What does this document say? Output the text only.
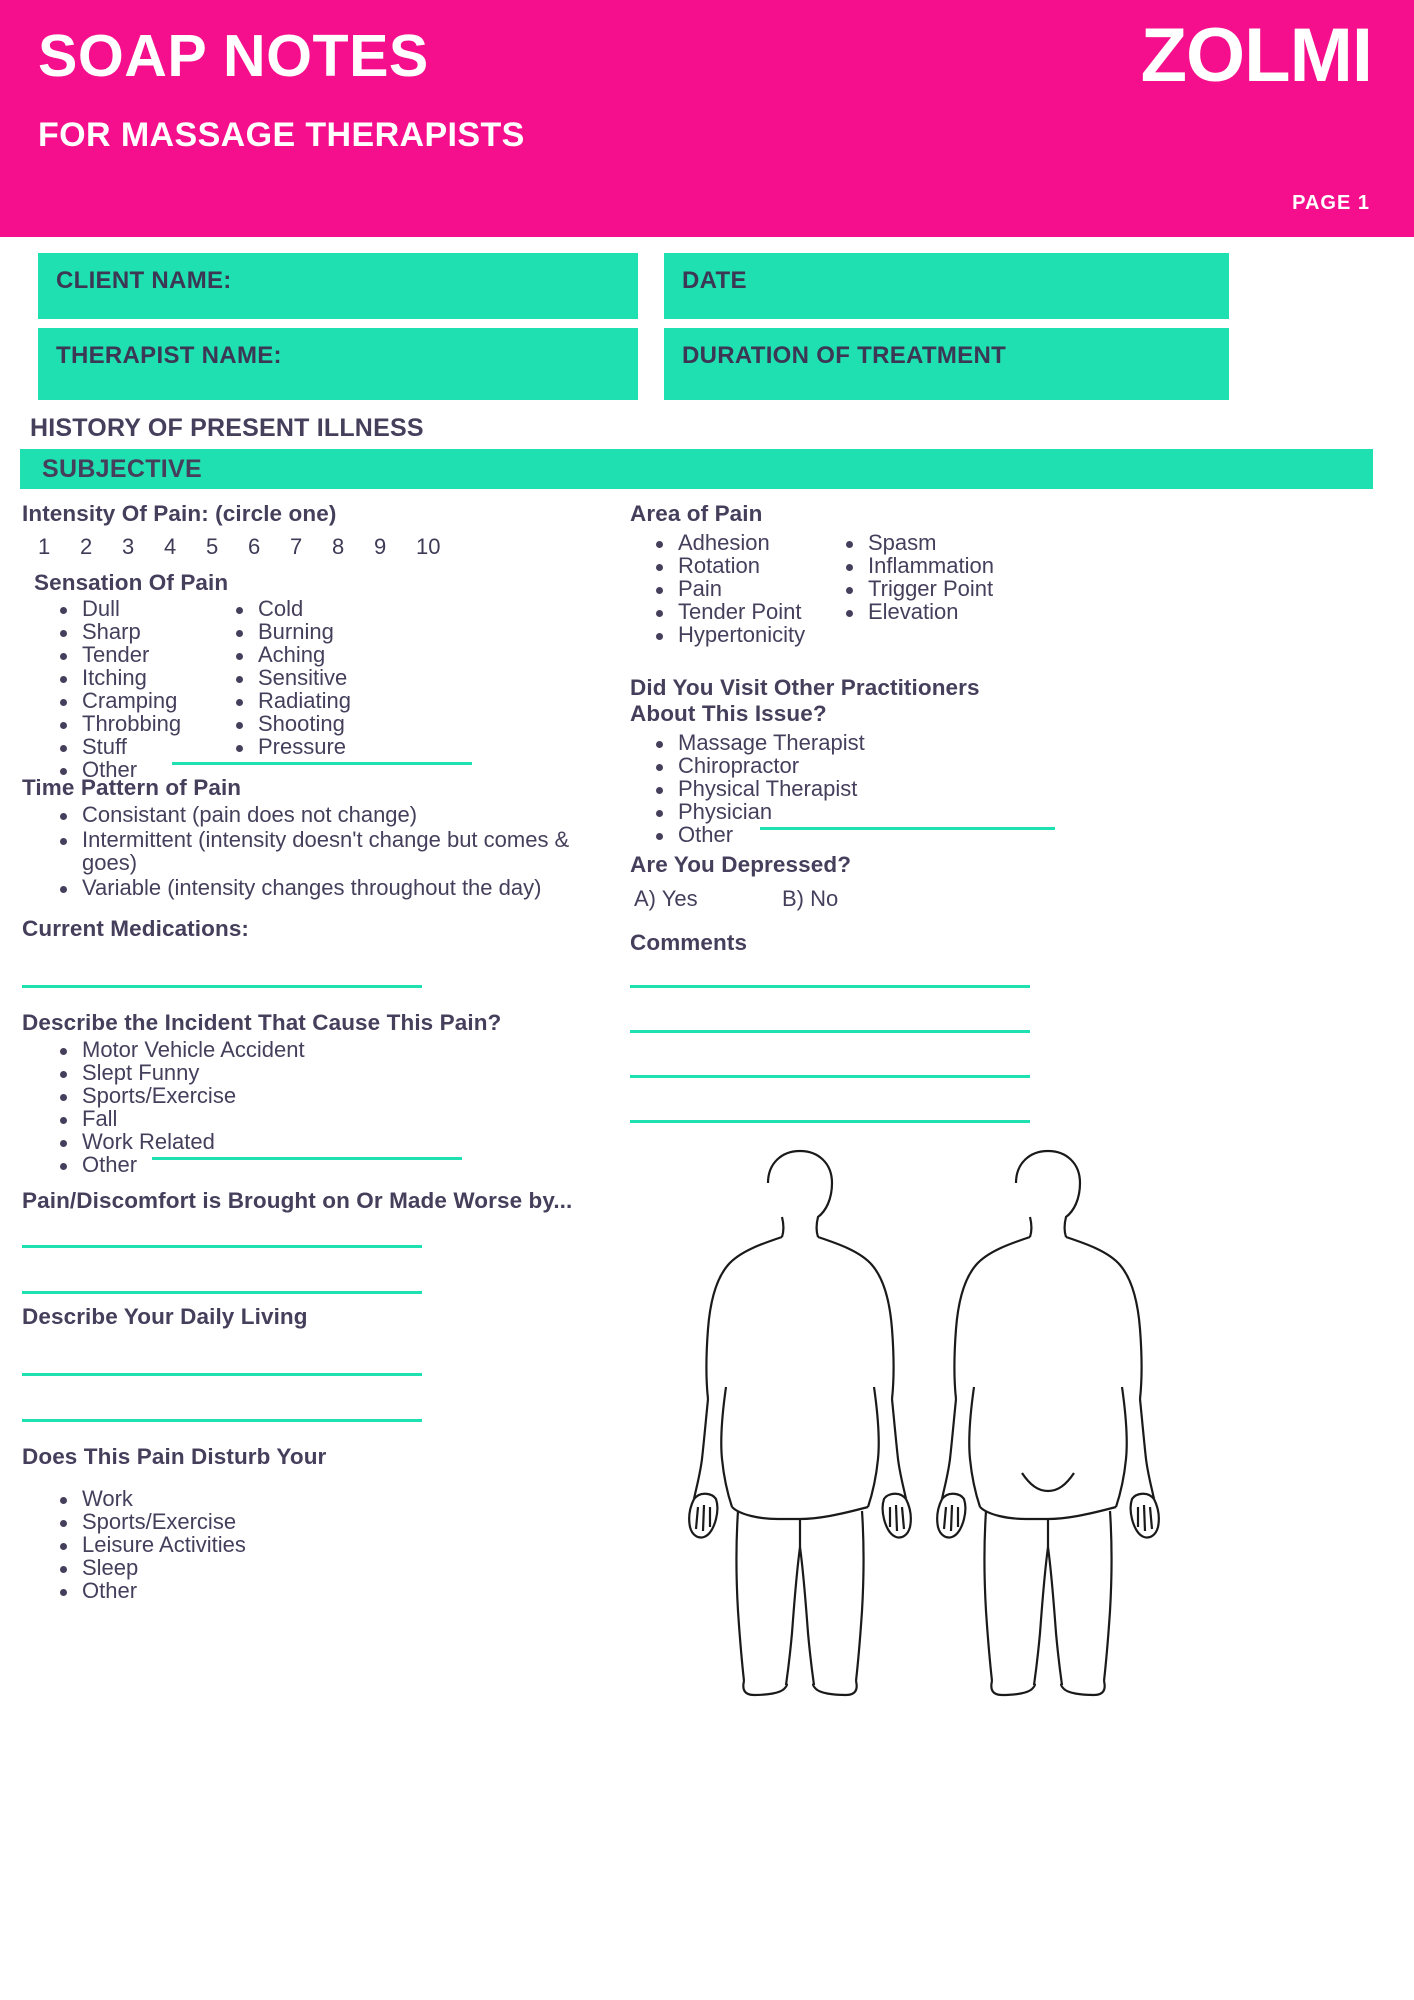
SOAP NOTES
FOR MASSAGE THERAPISTS
ZOLMI
PAGE 1
CLIENT NAME:	DATE
THERAPIST NAME:	DURATION OF TREATMENT
HISTORY OF PRESENT ILLNESS
SUBJECTIVE
Intensity Of Pain: (circle one)
1	2	3	4	5	6	7	8	9	10
Sensation Of Pain
Dull
Sharp
Tender
Itching
Cramping
Throbbing
Stuff
Other
Cold
Burning
Aching
Sensitive
Radiating
Shooting
Pressure
Time Pattern of Pain
Consistant (pain does not change)
Intermittent (intensity doesn't change but comes & goes)
Variable (intensity changes throughout the day)
Current Medications:
Describe the Incident That Cause This Pain?
Motor Vehicle Accident
Slept Funny
Sports/Exercise
Fall
Work Related
Other
Pain/Discomfort is Brought on Or Made Worse by...
Describe Your Daily Living
Does This Pain Disturb Your
Work
Sports/Exercise
Leisure Activities
Sleep
Other
Area of Pain
Adhesion
Rotation
Pain
Tender Point
Hypertonicity
Spasm
Inflammation
Trigger Point
Elevation
Did You Visit Other Practitioners About This Issue?
Massage Therapist
Chiropractor
Physical Therapist
Physician
Other
Are You Depressed?
A) Yes	B) No
Comments
